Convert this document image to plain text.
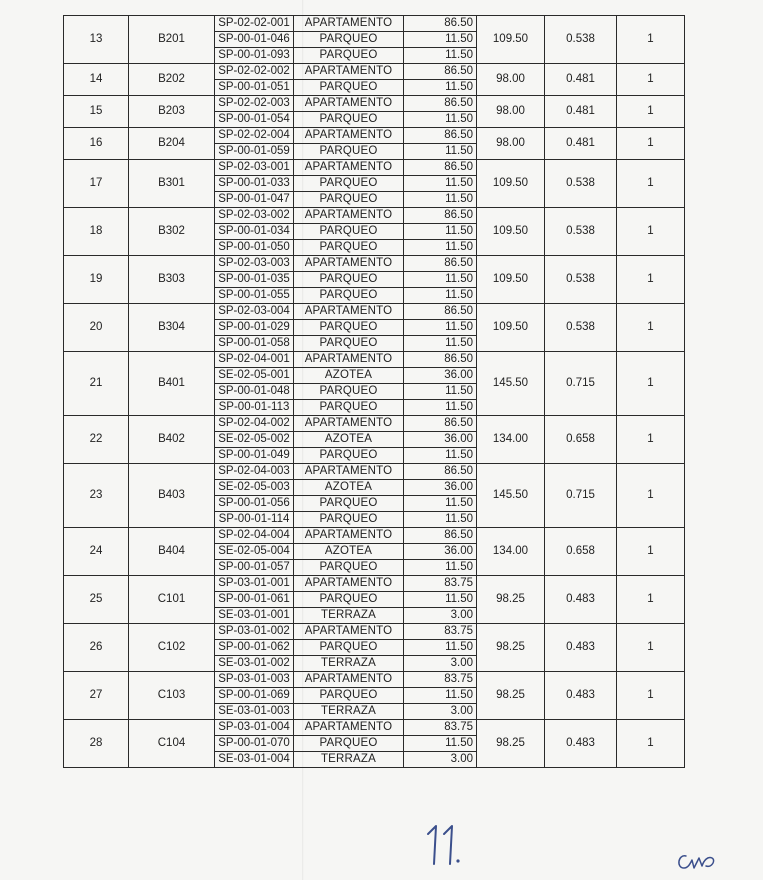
13	B201	SP-02-02-001	APARTAMENTO	86.50	109.50	0.538	1
		SP-00-01-046	PARQUEO	11.50			
		SP-00-01-093	PARQUEO	11.50			
14	B202	SP-02-02-002	APARTAMENTO	86.50	98.00	0.481	1
		SP-00-01-051	PARQUEO	11.50			
15	B203	SP-02-02-003	APARTAMENTO	86.50	98.00	0.481	1
		SP-00-01-054	PARQUEO	11.50			
16	B204	SP-02-02-004	APARTAMENTO	86.50	98.00	0.481	1
		SP-00-01-059	PARQUEO	11.50			
17	B301	SP-02-03-001	APARTAMENTO	86.50	109.50	0.538	1
		SP-00-01-033	PARQUEO	11.50			
		SP-00-01-047	PARQUEO	11.50			
18	B302	SP-02-03-002	APARTAMENTO	86.50	109.50	0.538	1
		SP-00-01-034	PARQUEO	11.50			
		SP-00-01-050	PARQUEO	11.50			
19	B303	SP-02-03-003	APARTAMENTO	86.50	109.50	0.538	1
		SP-00-01-035	PARQUEO	11.50			
		SP-00-01-055	PARQUEO	11.50			
20	B304	SP-02-03-004	APARTAMENTO	86.50	109.50	0.538	1
		SP-00-01-029	PARQUEO	11.50			
		SP-00-01-058	PARQUEO	11.50			
21	B401	SP-02-04-001	APARTAMENTO	86.50	145.50	0.715	1
		SE-02-05-001	AZOTEA	36.00			
		SP-00-01-048	PARQUEO	11.50			
		SP-00-01-113	PARQUEO	11.50			
22	B402	SP-02-04-002	APARTAMENTO	86.50	134.00	0.658	1
		SE-02-05-002	AZOTEA	36.00			
		SP-00-01-049	PARQUEO	11.50			
23	B403	SP-02-04-003	APARTAMENTO	86.50	145.50	0.715	1
		SE-02-05-003	AZOTEA	36.00			
		SP-00-01-056	PARQUEO	11.50			
		SP-00-01-114	PARQUEO	11.50			
24	B404	SP-02-04-004	APARTAMENTO	86.50	134.00	0.658	1
		SE-02-05-004	AZOTEA	36.00			
		SP-00-01-057	PARQUEO	11.50			
25	C101	SP-03-01-001	APARTAMENTO	83.75	98.25	0.483	1
		SP-00-01-061	PARQUEO	11.50			
		SE-03-01-001	TERRAZA	3.00			
26	C102	SP-03-01-002	APARTAMENTO	83.75	98.25	0.483	1
		SP-00-01-062	PARQUEO	11.50			
		SE-03-01-002	TERRAZA	3.00			
27	C103	SP-03-01-003	APARTAMENTO	83.75	98.25	0.483	1
		SP-00-01-069	PARQUEO	11.50			
		SE-03-01-003	TERRAZA	3.00			
28	C104	SP-03-01-004	APARTAMENTO	83.75	98.25	0.483	1
		SP-00-01-070	PARQUEO	11.50			
		SE-03-01-004	TERRAZA	3.00			
